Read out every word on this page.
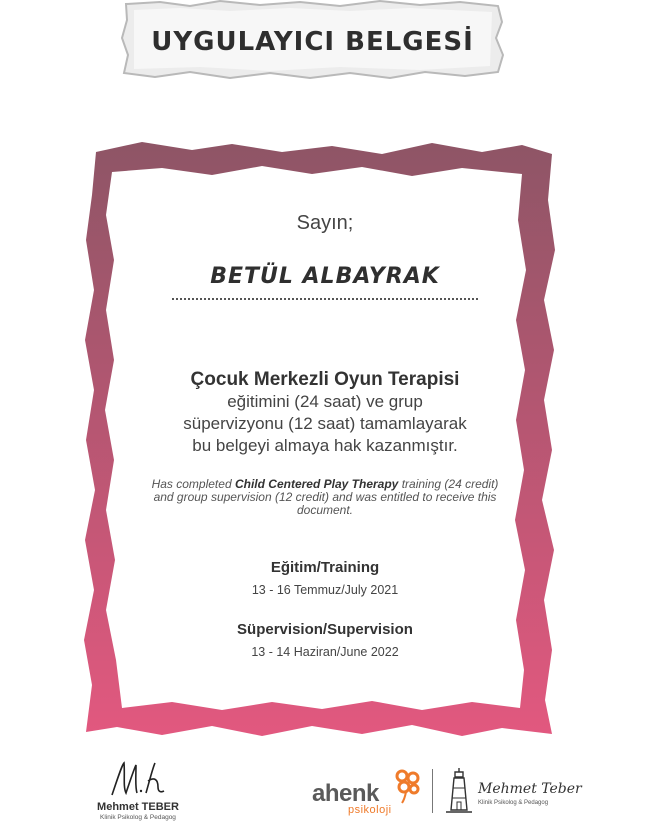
UYGULAYICI BELGESİ
Sayın;
BETÜL ALBAYRAK
Çocuk Merkezli Oyun Terapisi
eğitimini (24 saat) ve grup
süpervizyonu (12 saat) tamamlayarak
bu belgeyi almaya hak kazanmıştır.
Has completed Child Centered Play Therapy training (24 credit) and group supervision (12 credit) and was entitled to receive this document.
Eğitim/Training
13 - 16 Temmuz/July 2021
Süpervision/Supervision
13 - 14 Haziran/June 2022
Mehmet TEBER
Klinik Psikolog & Pedagog
ahenk
psikoloji
Mehmet Teber
Klinik Psikolog & Pedagog
